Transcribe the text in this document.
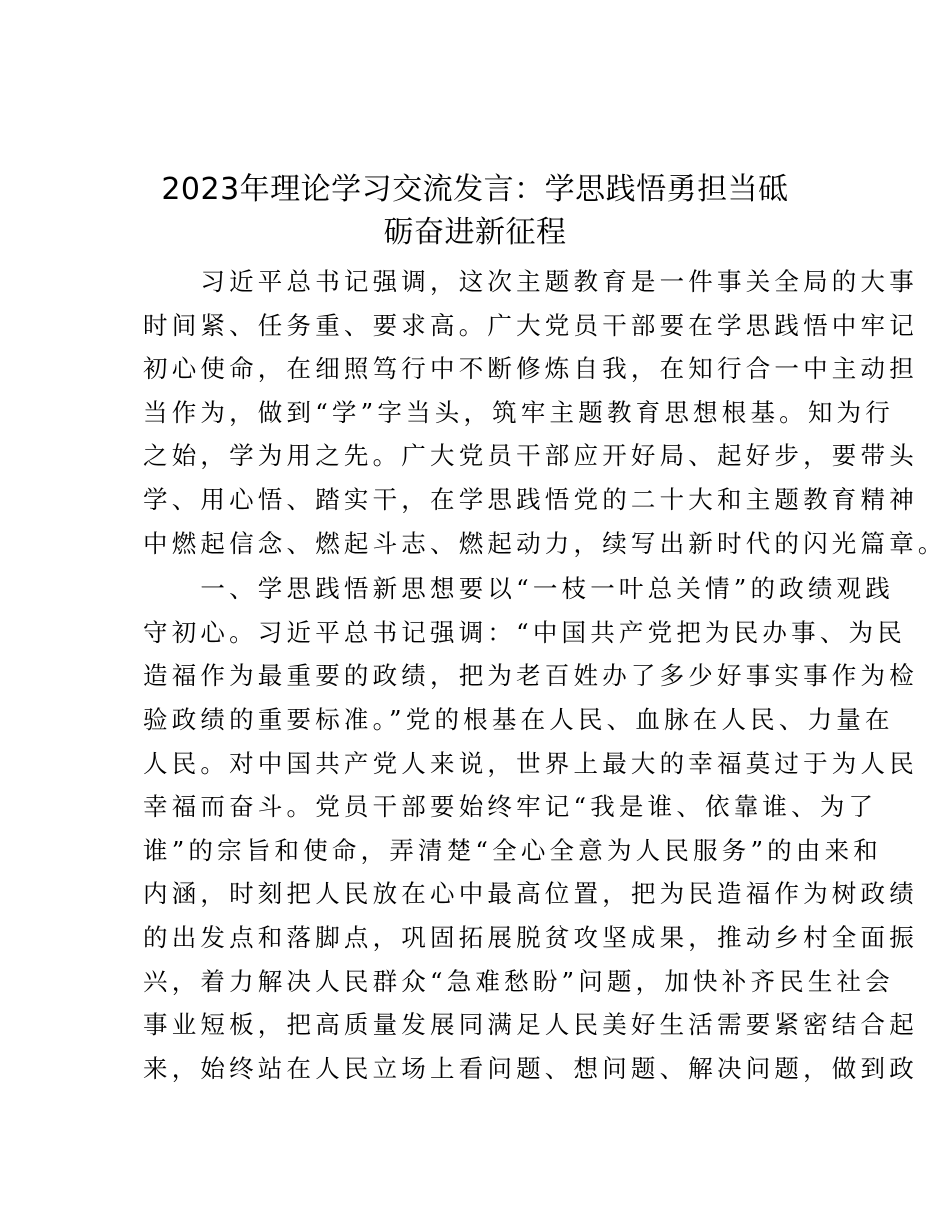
2023年理论学习交流发言：学思践悟勇担当砥
砺奋进新征程

　　习近平总书记强调，这次主题教育是一件事关全局的大事
时间紧、任务重、要求高。广大党员干部要在学思践悟中牢记
初心使命，在细照笃行中不断修炼自我，在知行合一中主动担
当作为，做到“学”字当头，筑牢主题教育思想根基。知为行
之始，学为用之先。广大党员干部应开好局、起好步，要带头
学、用心悟、踏实干，在学思践悟党的二十大和主题教育精神
中燃起信念、燃起斗志、燃起动力，续写出新时代的闪光篇章。

　　一、学思践悟新思想要以“一枝一叶总关情”的政绩观践
守初心。习近平总书记强调：“中国共产党把为民办事、为民
造福作为最重要的政绩，把为老百姓办了多少好事实事作为检
验政绩的重要标准。”党的根基在人民、血脉在人民、力量在
人民。对中国共产党人来说，世界上最大的幸福莫过于为人民
幸福而奋斗。党员干部要始终牢记“我是谁、依靠谁、为了
谁”的宗旨和使命，弄清楚“全心全意为人民服务”的由来和
内涵，时刻把人民放在心中最高位置，把为民造福作为树政绩
的出发点和落脚点，巩固拓展脱贫攻坚成果，推动乡村全面振
兴，着力解决人民群众“急难愁盼”问题，加快补齐民生社会
事业短板，把高质量发展同满足人民美好生活需要紧密结合起
来，始终站在人民立场上看问题、想问题、解决问题，做到政
